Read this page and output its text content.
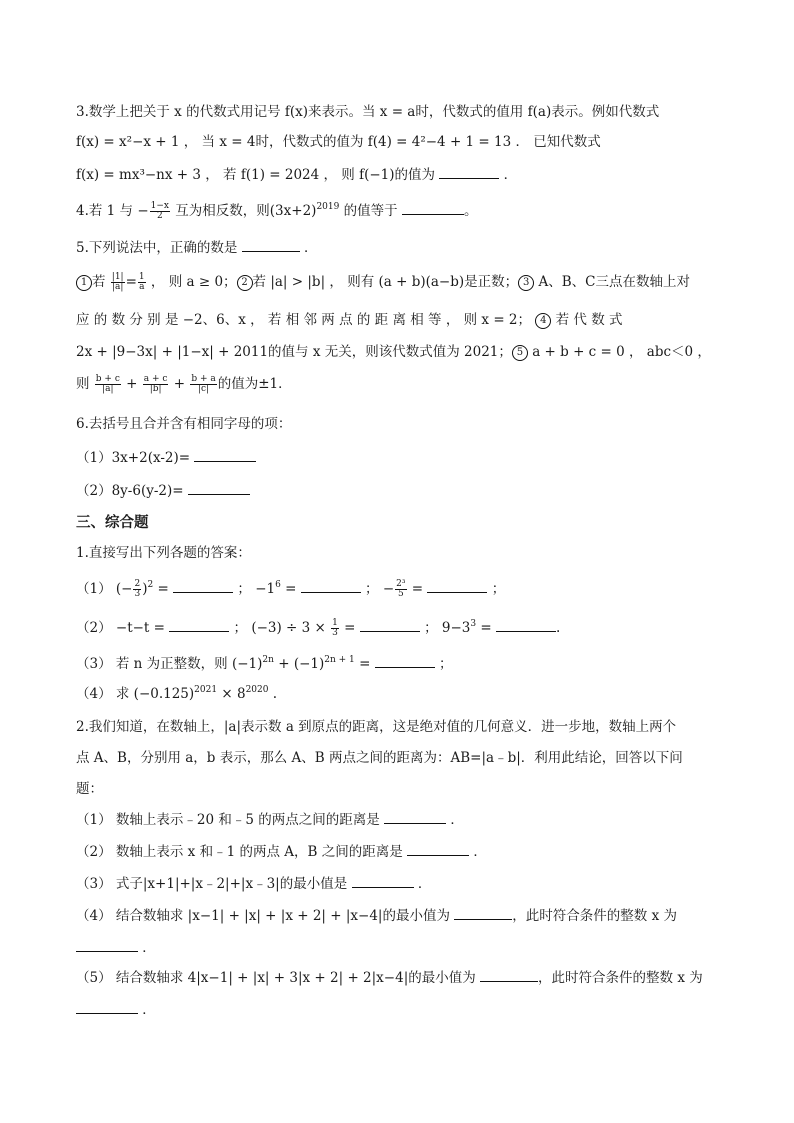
3.数学上把关于 x 的代数式用记号 f(x)来表示。当 x = a时，代数式的值用 f(a)表示。例如代数式
f(x) = x²−x + 1 ， 当 x = 4时，代数式的值为 f(4) = 4²−4 + 1 = 13 ． 已知代数式
f(x) = mx³−nx + 3 ， 若 f(1) = 2024 ， 则 f(−1)的值为	．
4.若 1 与 − $\frac{1-x}{2}$ 互为相反数，则$(3x+2)^{2019}$ 的值等于	。
5.下列说法中，正确的数是	．
1 若 $\frac{|1|}{|a|} = \frac{1}{a}$ ， 则 a ≥ 0； 2 若 |a| > |b| ， 则有 (a + b)(a−b)是正数； 3 A、B、C三点在数轴上对
应 的 数 分 别 是 −2、6、x ， 若 相 邻 两 点 的 距 离 相 等 ， 则 x = 2； 4 若 代 数 式
2x + |9−3x| + |1−x| + 2011的值与 x 无关，则该代数式值为 2021； 5 a + b + c = 0 ， abc＜0 ，
则 $\frac{b + c}{|a|} + \frac{a + c}{|b|} + \frac{b + a}{|c|}$ 的值为±1．
6.去括号且合并含有相同字母的项：
（1）3x+2(x-2)=
（2）8y-6(y-2)=
三、综合题
1.直接写出下列各题的答案：
（1） (− $\frac{2}{3} )^2$ =	； $-1^6$ =	； − $\frac{\text{2³}}{5}$ =	；
（2） −t−t =	； $(-3) \div 3 \times \frac{1}{3}$ =	； $9-3^3$ =	.
（3） 若 n 为正整数，则 $(-1)^{2n} + (-1)^{2n + 1}$ =	；
（4） 求 $(-0.125)^{2021} \times 8^{2020}$ .
2.我们知道，在数轴上，|a|表示数 a 到原点的距离，这是绝对值的几何意义．进一步地，数轴上两个
点 A、B，分别用 a，b 表示，那么 A、B 两点之间的距离为：AB=|a﹣b|．利用此结论，回答以下问
题：
（1） 数轴上表示﹣20 和﹣5 的两点之间的距离是	．
（2） 数轴上表示 x 和﹣1 的两点 A，B 之间的距离是	．
（3） 式子|x+1|+|x﹣2|+|x﹣3|的最小值是	．
（4） 结合数轴求 |x−1| + |x| + |x + 2| + |x−4|的最小值为	，此时符合条件的整数 x 为
．
（5） 结合数轴求 4|x−1| + |x| + 3|x + 2| + 2|x−4|的最小值为	，此时符合条件的整数 x 为
．
